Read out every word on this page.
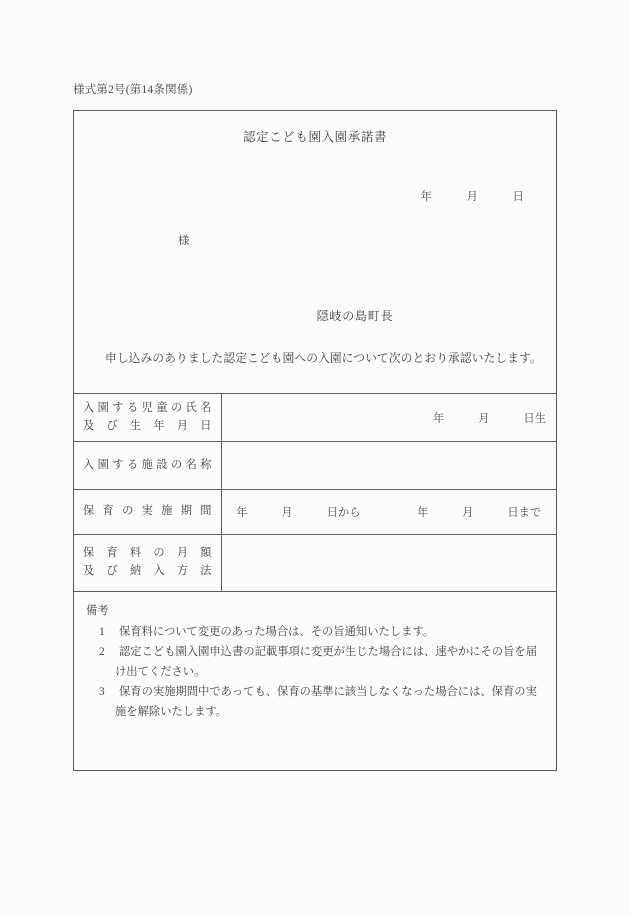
様式第2号(第14条関係)
認定こども園入園承諾書
年　　　月　　　日
様
隠岐の島町長
申し込みのありました認定こども園への入園について次のとおり承認いたします。
入園する児童の氏名
及び生年月日	年　　　月　　　日生

入園する施設の名称	

保育の実施期間	年　　　月　　　日から　　　　　年　　　月　　　日まで

保育料の月額
及び納入方法	

備考
1	保育料について変更のあった場合は、その旨通知いたします。
2	認定こども園入園申込書の記載事項に変更が生じた場合には、速やかにその旨を届
け出てください。
3	保育の実施期間中であっても、保育の基準に該当しなくなった場合には、保育の実
施を解除いたします。
